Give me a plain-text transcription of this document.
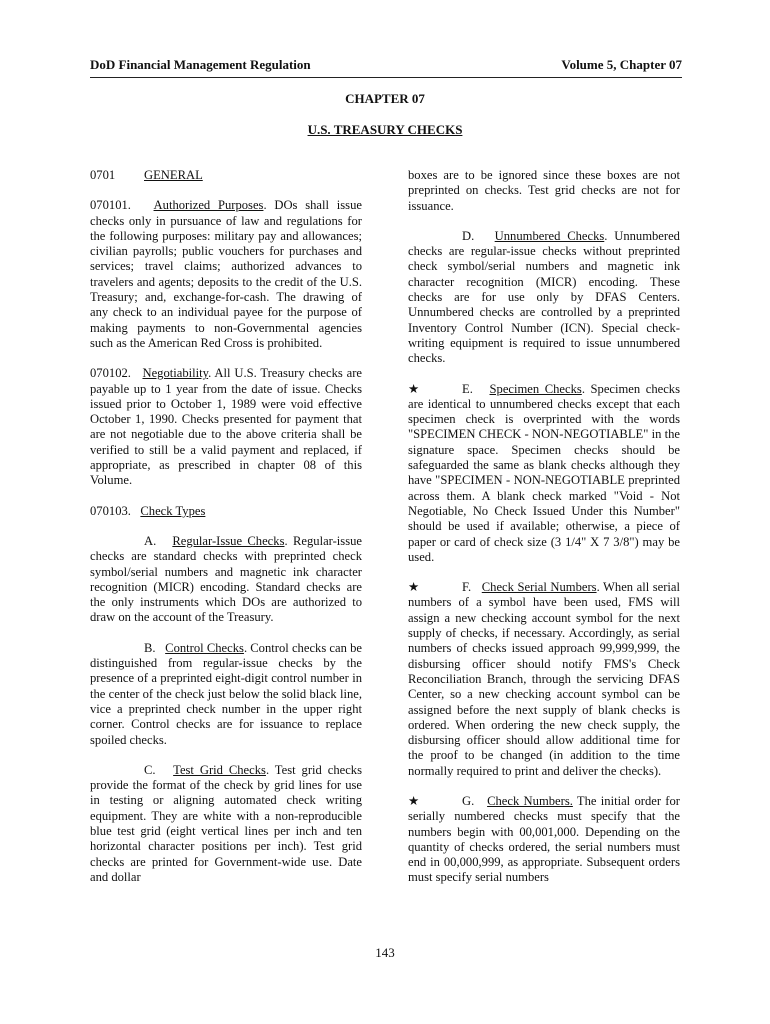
DoD Financial Management Regulation	Volume 5, Chapter 07
CHAPTER 07
U.S. TREASURY CHECKS

0701 GENERAL

070101. Authorized Purposes. DOs shall issue checks only in pursuance of law and regulations for the following purposes: military pay and allowances; civilian payrolls; public vouchers for purchases and services; travel claims; authorized advances to travelers and agents; deposits to the credit of the U.S. Treasury; and, exchange-for-cash. The drawing of any check to an individual payee for the purpose of making payments to non-Governmental agencies such as the American Red Cross is prohibited.

070102. Negotiability. All U.S. Treasury checks are payable up to 1 year from the date of issue. Checks issued prior to October 1, 1989 were void effective October 1, 1990. Checks presented for payment that are not negotiable due to the above criteria shall be verified to still be a valid payment and replaced, if appropriate, as prescribed in chapter 08 of this Volume.

070103. Check Types

A. Regular-Issue Checks. Regular-issue checks are standard checks with preprinted check symbol/serial numbers and magnetic ink character recognition (MICR) encoding. Standard checks are the only instruments which DOs are authorized to draw on the account of the Treasury.

B. Control Checks. Control checks can be distinguished from regular-issue checks by the presence of a preprinted eight-digit control number in the center of the check just below the solid black line, vice a preprinted check number in the upper right corner. Control checks are for issuance to replace spoiled checks.

C. Test Grid Checks. Test grid checks provide the format of the check by grid lines for use in testing or aligning automated check writing equipment. They are white with a non-reproducible blue test grid (eight vertical lines per inch and ten horizontal character positions per inch). Test grid checks are printed for Government-wide use. Date and dollar

boxes are to be ignored since these boxes are not preprinted on checks. Test grid checks are not for issuance.

D. Unnumbered Checks. Unnumbered checks are regular-issue checks without preprinted check symbol/serial numbers and magnetic ink character recognition (MICR) encoding. These checks are for use only by DFAS Centers. Unnumbered checks are controlled by a preprinted Inventory Control Number (ICN). Special check-writing equipment is required to issue unnumbered checks.

★	E. Specimen Checks. Specimen checks are identical to unnumbered checks except that each specimen check is overprinted with the words "SPECIMEN CHECK - NON-NEGOTIABLE" in the signature space. Specimen checks should be safeguarded the same as blank checks although they have "SPECIMEN - NON-NEGOTIABLE preprinted across them. A blank check marked "Void - Not Negotiable, No Check Issued Under this Number" should be used if available; otherwise, a piece of paper or card of check size (3 1/4" X 7 3/8") may be used.

★	F. Check Serial Numbers. When all serial numbers of a symbol have been used, FMS will assign a new checking account symbol for the next supply of checks, if necessary. Accordingly, as serial numbers of checks issued approach 99,999,999, the disbursing officer should notify FMS's Check Reconciliation Branch, through the servicing DFAS Center, so a new checking account symbol can be assigned before the next supply of blank checks is ordered. When ordering the new check supply, the disbursing officer should allow additional time for the proof to be changed (in addition to the time normally required to print and deliver the checks).

★	G. Check Numbers. The initial order for serially numbered checks must specify that the numbers begin with 00,001,000. Depending on the quantity of checks ordered, the serial numbers must end in 00,000,999, as appropriate. Subsequent orders must specify serial numbers

143
